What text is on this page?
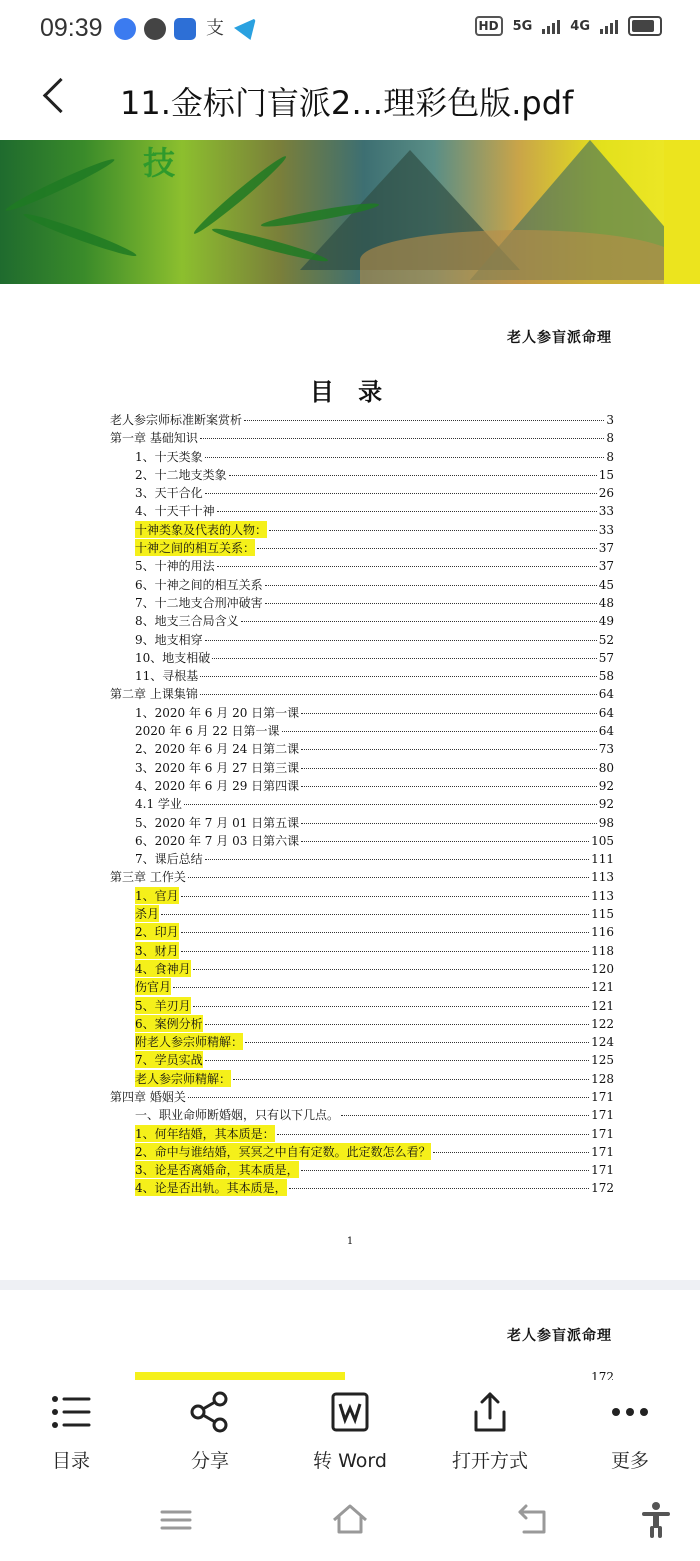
09:39	支	HD	5G	4G
11.金标门盲派2…理彩色版.pdf
技
老人参盲派命理
目 录
老人参宗师标准断案赏析	3
第一章 基础知识	8
1、十天类象	8
2、十二地支类象	15
3、天干合化	26
4、十天干十神	33
十神类象及代表的人物：	33
十神之间的相互关系：	37
5、十神的用法	37
6、十神之间的相互关系	45
7、十二地支合刑冲破害	48
8、地支三合局含义	49
9、地支相穿	52
10、地支相破	57
11、寻根基	58
第二章 上课集锦	64
1、2020 年 6 月 20 日第一课	64
2020 年 6 月 22 日第一课	64
2、2020 年 6 月 24 日第二课	73
3、2020 年 6 月 27 日第三课	80
4、2020 年 6 月 29 日第四课	92
4.1 学业	92
5、2020 年 7 月 01 日第五课	98
6、2020 年 7 月 03 日第六课	105
7、课后总结	111
第三章 工作关	113
1、官月	113
杀月	115
2、印月	116
3、财月	118
4、食神月	120
伤官月	121
5、羊刃月	121
6、案例分析	122
附老人参宗师精解：	124
7、学员实战	125
老人参宗师精解：	128
第四章 婚姻关	171
一、职业命师断婚姻，只有以下几点。	171
1、何年结婚，其本质是：	171
2、命中与谁结婚，冥冥之中自有定数。此定数怎么看？	171
3、论是否离婚命，其本质是，	171
4、论是否出轨。其本质是，	172
1
老人参盲派命理
172
目录	分享	转 Word	打开方式	更多
